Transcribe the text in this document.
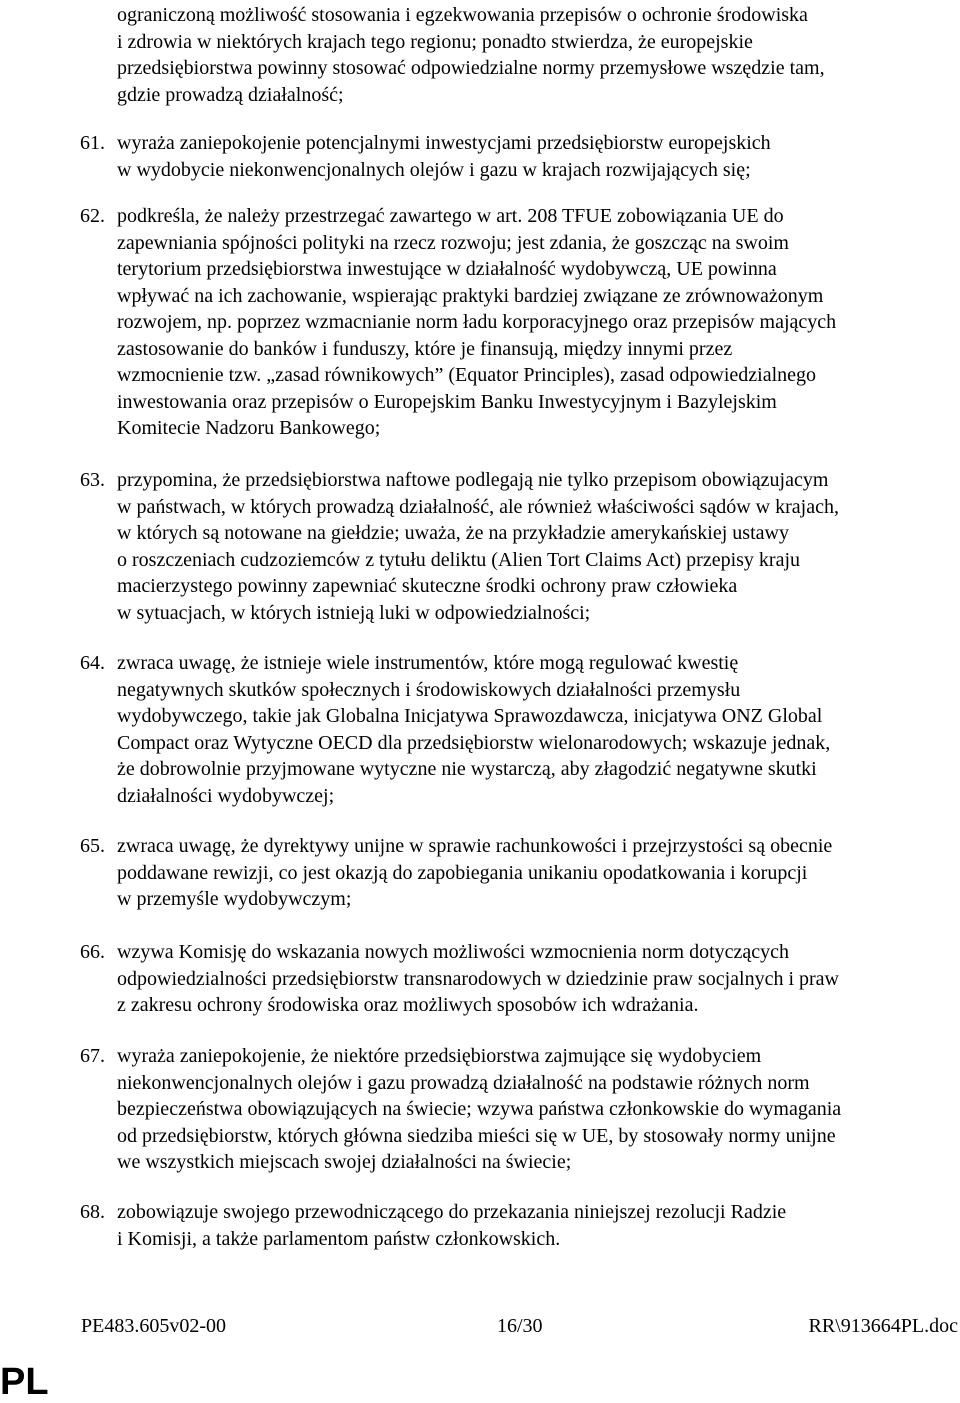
ograniczoną możliwość stosowania i egzekwowania przepisów o ochronie środowiska
i zdrowia w niektórych krajach tego regionu; ponadto stwierdza, że europejskie
przedsiębiorstwa powinny stosować odpowiedzialne normy przemysłowe wszędzie tam,
gdzie prowadzą działalność;
61. wyraża zaniepokojenie potencjalnymi inwestycjami przedsiębiorstw europejskich
w wydobycie niekonwencjonalnych olejów i gazu w krajach rozwijających się;
62. podkreśla, że należy przestrzegać zawartego w art. 208 TFUE zobowiązania UE do
zapewniania spójności polityki na rzecz rozwoju; jest zdania, że goszcząc na swoim
terytorium przedsiębiorstwa inwestujące w działalność wydobywczą, UE powinna
wpływać na ich zachowanie, wspierając praktyki bardziej związane ze zrównoważonym
rozwojem, np. poprzez wzmacnianie norm ładu korporacyjnego oraz przepisów mających
zastosowanie do banków i funduszy, które je finansują, między innymi przez
wzmocnienie tzw. „zasad równikowych” (Equator Principles), zasad odpowiedzialnego
inwestowania oraz przepisów o Europejskim Banku Inwestycyjnym i Bazylejskim
Komitecie Nadzoru Bankowego;
63. przypomina, że przedsiębiorstwa naftowe podlegają nie tylko przepisom obowiązujacym
w państwach, w których prowadzą działalność, ale również właściwości sądów w krajach,
w których są notowane na giełdzie; uważa, że na przykładzie amerykańskiej ustawy
o roszczeniach cudzoziemców z tytułu deliktu (Alien Tort Claims Act) przepisy kraju
macierzystego powinny zapewniać skuteczne środki ochrony praw człowieka
w sytuacjach, w których istnieją luki w odpowiedzialności;
64. zwraca uwagę, że istnieje wiele instrumentów, które mogą regulować kwestię
negatywnych skutków społecznych i środowiskowych działalności przemysłu
wydobywczego, takie jak Globalna Inicjatywa Sprawozdawcza, inicjatywa ONZ Global
Compact oraz Wytyczne OECD dla przedsiębiorstw wielonarodowych; wskazuje jednak,
że dobrowolnie przyjmowane wytyczne nie wystarczą, aby złagodzić negatywne skutki
działalności wydobywczej;
65. zwraca uwagę, że dyrektywy unijne w sprawie rachunkowości i przejrzystości są obecnie
poddawane rewizji, co jest okazją do zapobiegania unikaniu opodatkowania i korupcji
w przemyśle wydobywczym;
66. wzywa Komisję do wskazania nowych możliwości wzmocnienia norm dotyczących
odpowiedzialności przedsiębiorstw transnarodowych w dziedzinie praw socjalnych i praw
z zakresu ochrony środowiska oraz możliwych sposobów ich wdrażania.
67. wyraża zaniepokojenie, że niektóre przedsiębiorstwa zajmujące się wydobyciem
niekonwencjonalnych olejów i gazu prowadzą działalność na podstawie różnych norm
bezpieczeństwa obowiązujących na świecie; wzywa państwa członkowskie do wymagania
od przedsiębiorstw, których główna siedziba mieści się w UE, by stosowały normy unijne
we wszystkich miejscach swojej działalności na świecie;
68. zobowiązuje swojego przewodniczącego do przekazania niniejszej rezolucji Radzie
i Komisji, a także parlamentom państw członkowskich.
PE483.605v02-00	16/30	RR\913664PL.doc
PL
